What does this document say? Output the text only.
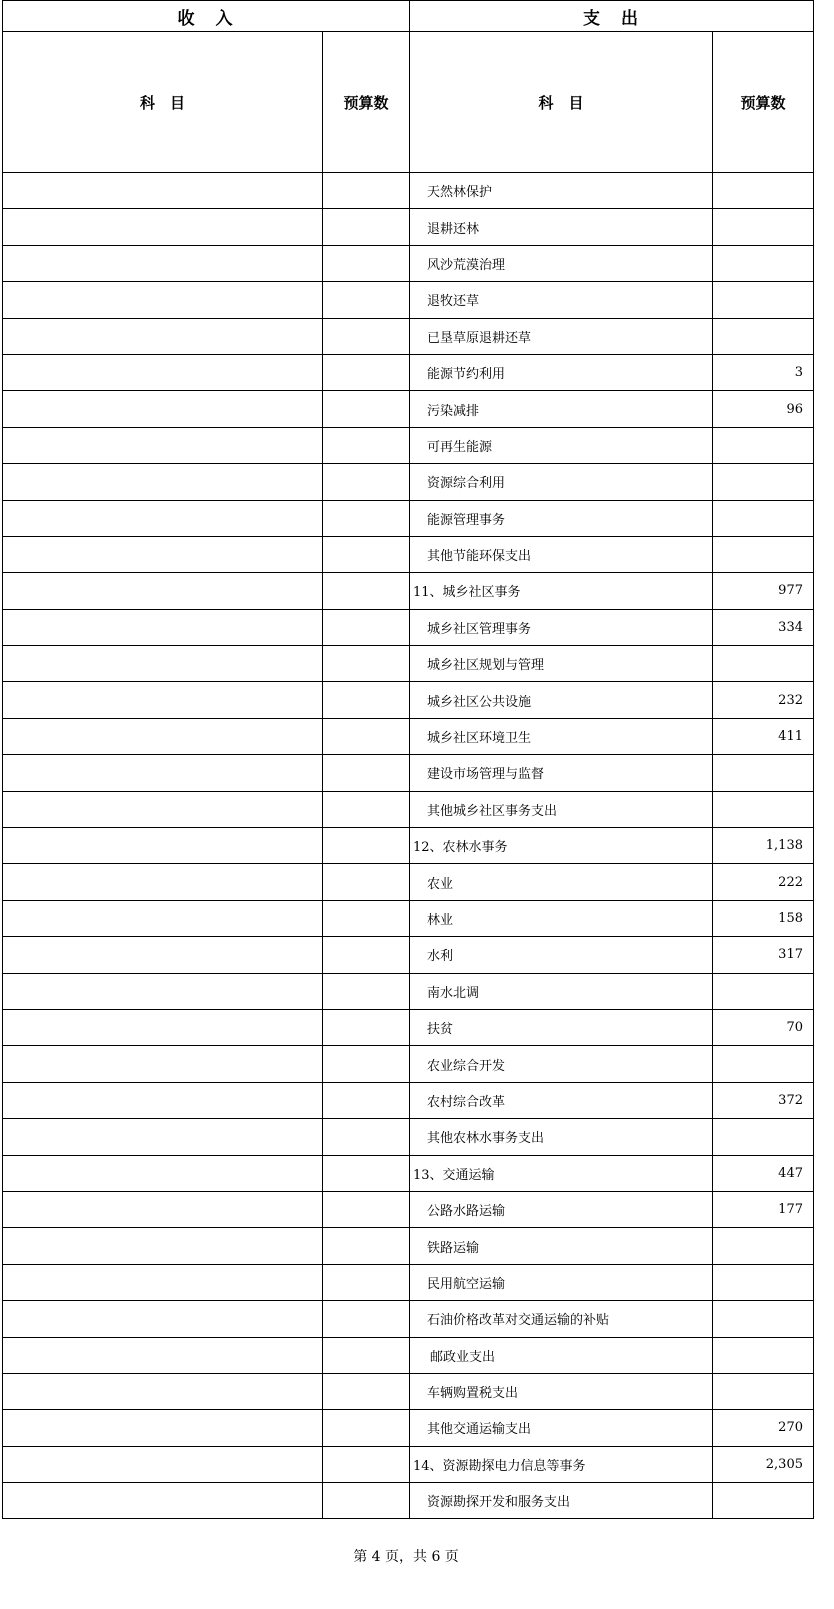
收　入		支　出	
科　目	预算数	科　目	预算数
		天然林保护	
		退耕还林	
		风沙荒漠治理	
		退牧还草	
		已垦草原退耕还草	
		能源节约利用	3
		污染减排	96
		可再生能源	
		资源综合利用	
		能源管理事务	
		其他节能环保支出	
		11、城乡社区事务	977
		城乡社区管理事务	334
		城乡社区规划与管理	
		城乡社区公共设施	232
		城乡社区环境卫生	411
		建设市场管理与监督	
		其他城乡社区事务支出	
		12、农林水事务	1,138
		农业	222
		林业	158
		水利	317
		南水北调	
		扶贫	70
		农业综合开发	
		农村综合改革	372
		其他农林水事务支出	
		13、交通运输	447
		公路水路运输	177
		铁路运输	
		民用航空运输	
		石油价格改革对交通运输的补贴	
		邮政业支出	
		车辆购置税支出	
		其他交通运输支出	270
		14、资源勘探电力信息等事务	2,305
		资源勘探开发和服务支出	
第 4 页，共 6 页
